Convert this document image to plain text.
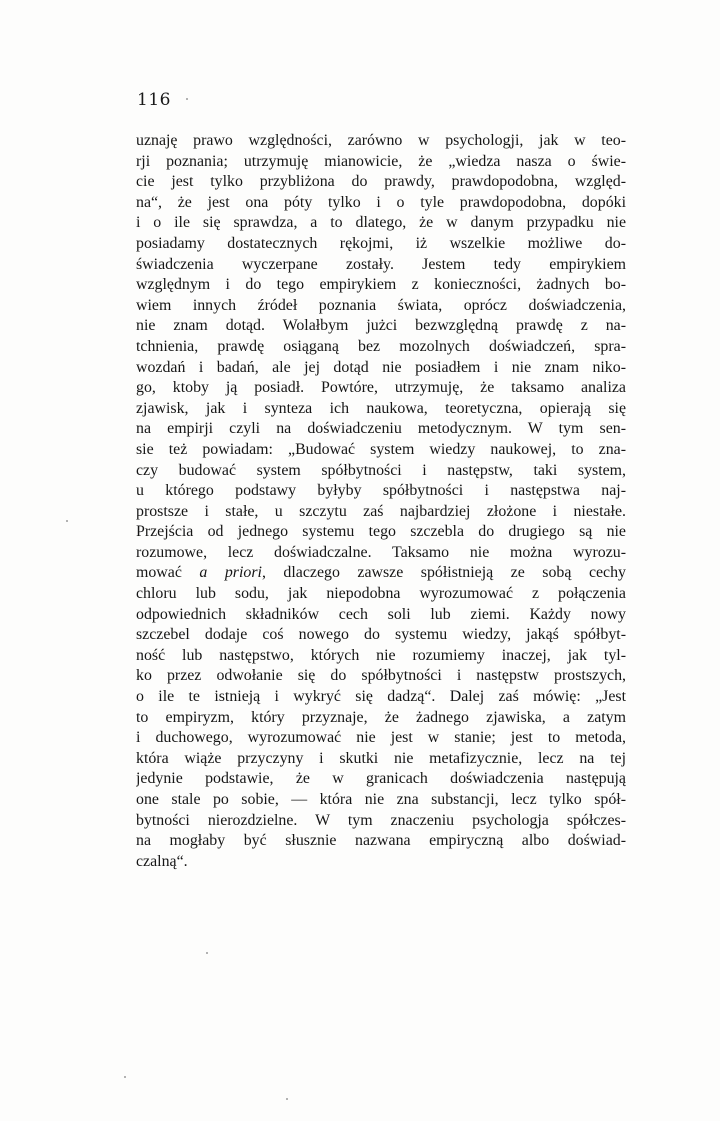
116
uznaję prawo względności, zarówno w psychologji, jak w teo-
rji poznania; utrzymuję mianowicie, że „wiedza nasza o świe-
cie jest tylko przybliżona do prawdy, prawdopodobna, względ-
na“, że jest ona póty tylko i o tyle prawdopodobna, dopóki
i o ile się sprawdza, a to dlatego, że w danym przypadku nie
posiadamy dostatecznych rękojmi, iż wszelkie możliwe do-
świadczenia wyczerpane zostały. Jestem tedy empirykiem
względnym i do tego empirykiem z konieczności, żadnych bo-
wiem innych źródeł poznania świata, oprócz doświadczenia,
nie znam dotąd. Wolałbym jużci bezwzględną prawdę z na-
tchnienia, prawdę osiąganą bez mozolnych doświadczeń, spra-
wozdań i badań, ale jej dotąd nie posiadłem i nie znam niko-
go, ktoby ją posiadł. Powtóre, utrzymuję, że taksamo analiza
zjawisk, jak i synteza ich naukowa, teoretyczna, opierają się
na empirji czyli na doświadczeniu metodycznym. W tym sen-
sie też powiadam: „Budować system wiedzy naukowej, to zna-
czy budować system spółbytności i następstw, taki system,
u którego podstawy byłyby spółbytności i następstwa naj-
prostsze i stałe, u szczytu zaś najbardziej złożone i niestałe.
Przejścia od jednego systemu tego szczebla do drugiego są nie
rozumowe, lecz doświadczalne. Taksamo nie można wyrozu-
mować a priori, dlaczego zawsze spółistnieją ze sobą cechy
chloru lub sodu, jak niepodobna wyrozumować z połączenia
odpowiednich składników cech soli lub ziemi. Każdy nowy
szczebel dodaje coś nowego do systemu wiedzy, jakąś spółbyt-
ność lub następstwo, których nie rozumiemy inaczej, jak tyl-
ko przez odwołanie się do spółbytności i następstw prostszych,
o ile te istnieją i wykryć się dadzą“. Dalej zaś mówię: „Jest
to empiryzm, który przyznaje, że żadnego zjawiska, a zatym
i duchowego, wyrozumować nie jest w stanie; jest to metoda,
która wiąże przyczyny i skutki nie metafizycznie, lecz na tej
jedynie podstawie, że w granicach doświadczenia następują
one stale po sobie, — która nie zna substancji, lecz tylko spół-
bytności nierozdzielne. W tym znaczeniu psychologja spółczes-
na mogłaby być słusznie nazwana empiryczną albo doświad-
czalną“.
